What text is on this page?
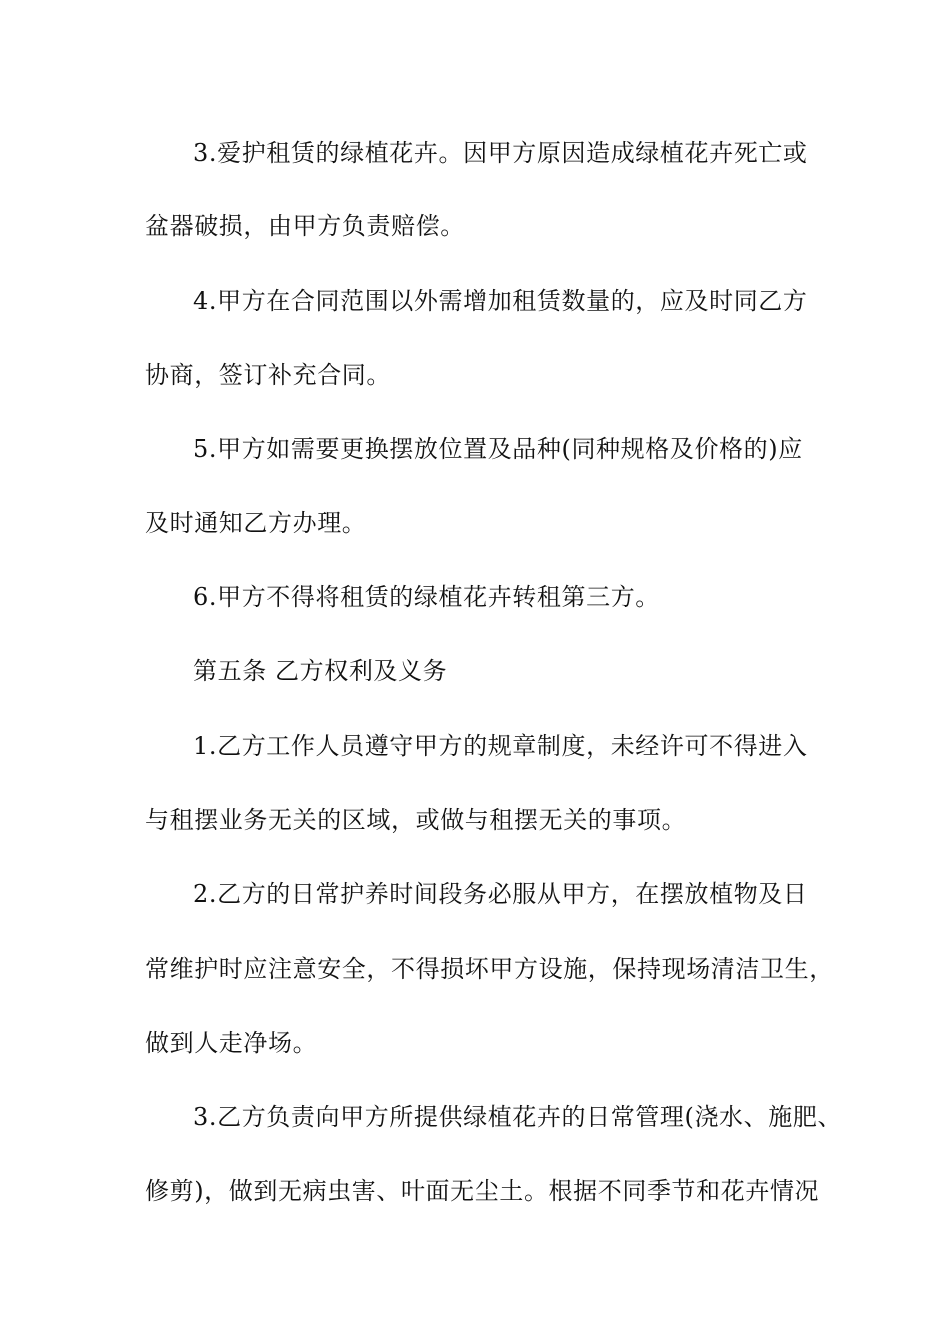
3.爱护租赁的绿植花卉。因甲方原因造成绿植花卉死亡或
盆器破损，由甲方负责赔偿。
4.甲方在合同范围以外需增加租赁数量的，应及时同乙方
协商，签订补充合同。
5.甲方如需要更换摆放位置及品种(同种规格及价格的)应
及时通知乙方办理。
6.甲方不得将租赁的绿植花卉转租第三方。
第五条 乙方权利及义务
1.乙方工作人员遵守甲方的规章制度，未经许可不得进入
与租摆业务无关的区域，或做与租摆无关的事项。
2.乙方的日常护养时间段务必服从甲方，在摆放植物及日
常维护时应注意安全，不得损坏甲方设施，保持现场清洁卫生，
做到人走净场。
3.乙方负责向甲方所提供绿植花卉的日常管理(浇水、施肥、
修剪)，做到无病虫害、叶面无尘土。根据不同季节和花卉情况
